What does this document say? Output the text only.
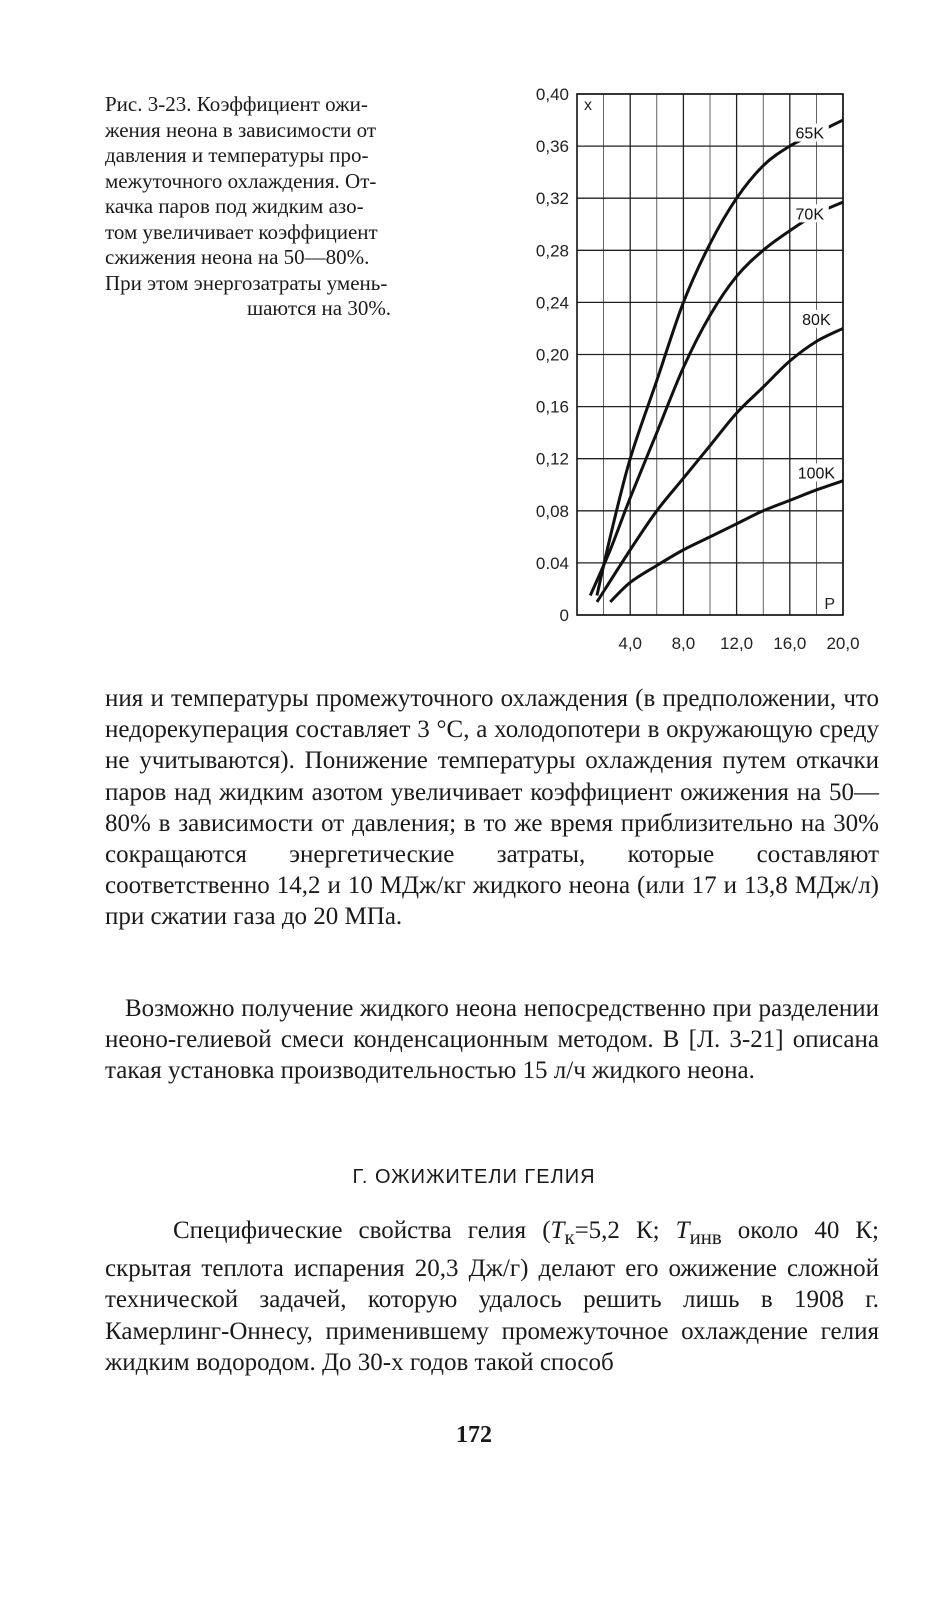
Рис. 3-23. Коэффициент ожи-
жения неона в зависимости от
давления и температуры про-
межуточного охлаждения. От-
качка паров под жидким азо-
том увеличивает коэффициент
сжижения неона на 50—80%.
При этом энергозатраты умень-
шаются на 30%.
0
0.04
0,08
0,12
0,16
0,20
0,24
0,28
0,32
0,36
0,40
4,0 8,0 12,0 16,0 20,0
P
x
65K
70K
80K
100K

ния и температуры промежуточного охлаждения (в предположении, что недорекуперация составляет 3 °С, а холодопотери в окружающую среду не учитываются). Понижение температуры охлаждения путем откачки паров над жидким азотом увеличивает коэффициент ожижения на 50—80% в зависимости от давления; в то же время приблизительно на 30% сокращаются энергетические затраты, которые составляют соответственно 14,2 и 10 МДж/кг жидкого неона (или 17 и 13,8 МДж/л) при сжатии газа до 20 МПа.

Возможно получение жидкого неона непосредственно при разделении неоно-гелиевой смеси конденсационным методом. В [Л. 3-21] описана такая установка производительностью 15 л/ч жидкого неона.

Г. ОЖИЖИТЕЛИ ГЕЛИЯ

Специфические свойства гелия ($T_к=5,2$ К; $T_{инв}$ около 40 К; скрытая теплота испарения 20,3 Дж/г) делают его ожижение сложной технической задачей, которую удалось решить лишь в 1908 г. Камерлинг-Оннесу, применившему промежуточное охлаждение гелия жидким водородом. До 30-х годов такой способ

172
